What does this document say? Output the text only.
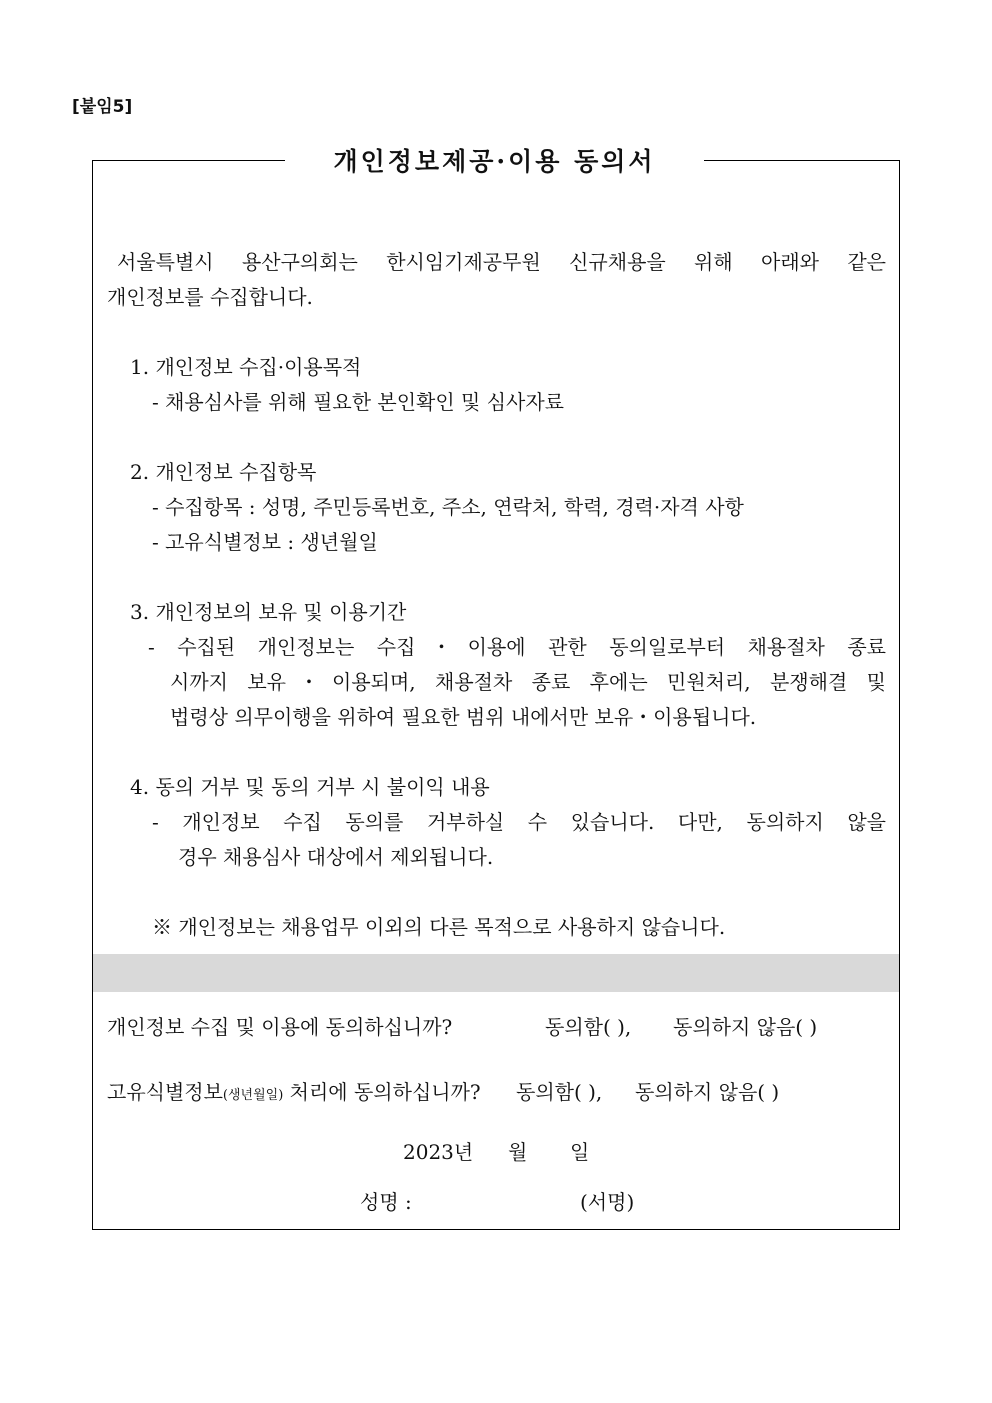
[붙임5]
개인정보제공·이용 동의서
서울특별시 용산구의회는 한시임기제공무원 신규채용을 위해 아래와 같은
개인정보를 수집합니다.
1. 개인정보 수집·이용목적
- 채용심사를 위해 필요한 본인확인 및 심사자료
2. 개인정보 수집항목
- 수집항목 : 성명, 주민등록번호, 주소, 연락처, 학력, 경력·자격 사항
- 고유식별정보 : 생년월일
3. 개인정보의 보유 및 이용기간
- 수집된 개인정보는 수집・이용에 관한 동의일로부터 채용절차 종료
시까지 보유・이용되며, 채용절차 종료 후에는 민원처리, 분쟁해결 및
법령상 의무이행을 위하여 필요한 범위 내에서만 보유・이용됩니다.
4. 동의 거부 및 동의 거부 시 불이익 내용
- 개인정보 수집 동의를 거부하실 수 있습니다. 다만, 동의하지 않을
경우 채용심사 대상에서 제외됩니다.
※ 개인정보는 채용업무 이외의 다른 목적으로 사용하지 않습니다.
개인정보 수집 및 이용에 동의하십니까?	동의함( ), 동의하지 않음( )
고유식별정보(생년월일) 처리에 동의하십니까? 동의함( ), 동의하지 않음( )
2023년 월 일
성명 :	(서명)
